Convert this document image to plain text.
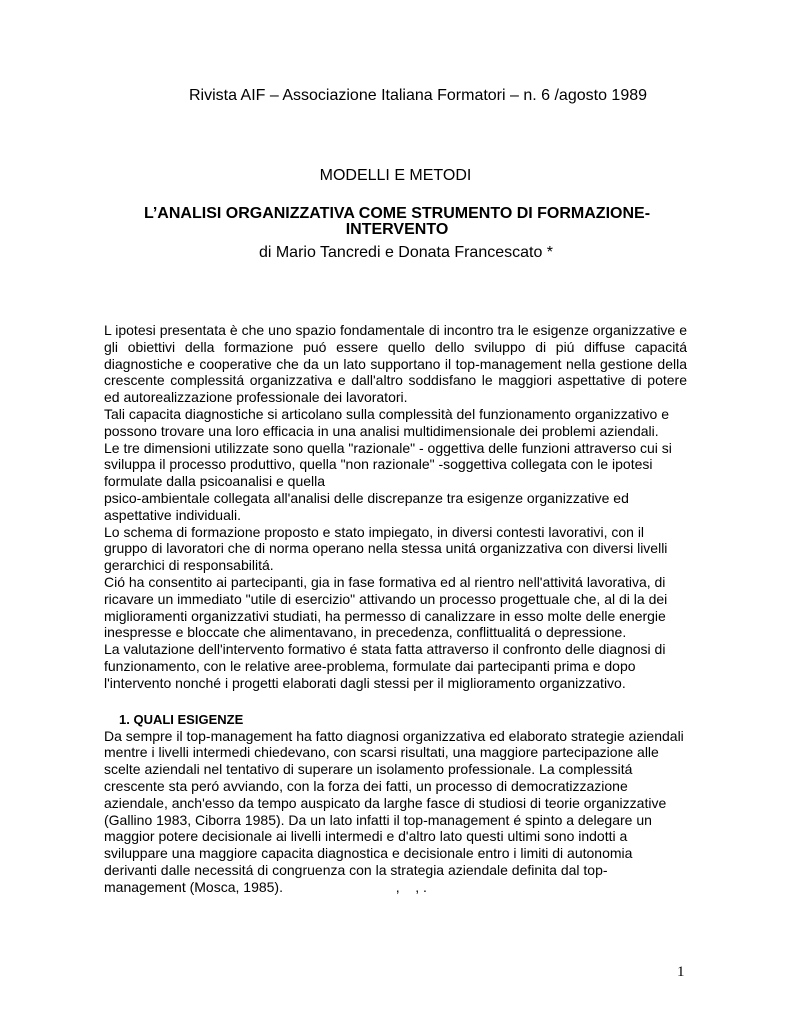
Rivista AIF – Associazione Italiana Formatori – n. 6 /agosto 1989
MODELLI E METODI
L’ANALISI ORGANIZZATIVA COME STRUMENTO DI FORMAZIONE-INTERVENTO
di Mario Tancredi e Donata Francescato *

L ipotesi presentata è che uno spazio fondamentale di incontro tra le esigenze organizzative e gli obiettivi della formazione puó essere quello dello sviluppo di piú diffuse capacitá diagnostiche e cooperative che da un lato supportano il top-management nella gestione della crescente complessitá organizzativa e dall'altro soddisfano le maggiori aspettative di potere ed autorealizzazione professionale dei lavoratori.

Tali capacita diagnostiche si articolano sulla complessità del funzionamento organizzativo e possono trovare una loro efficacia in una analisi multidimensionale dei problemi aziendali.

Le tre dimensioni utilizzate sono quella "razionale" - oggettiva delle funzioni attraverso cui si sviluppa il processo produttivo, quella "non razionale" -soggettiva collegata con le ipotesi formulate dalla psicoanalisi e quella

psico-ambientale collegata all'analisi delle discrepanze tra esigenze organizzative ed aspettative individuali.

Lo schema di formazione proposto e stato impiegato, in diversi contesti lavorativi, con il gruppo di lavoratori che di norma operano nella stessa unitá organizzativa con diversi livelli gerarchici di responsabilitá.

Ció ha consentito ai partecipanti, gia in fase formativa ed al rientro nell'attivitá lavorativa, di ricavare un immediato "utile di esercizio" attivando un processo progettuale che, al di la dei miglioramenti organizzativi studiati, ha permesso di canalizzare in esso molte delle energie inespresse e bloccate che alimentavano, in precedenza, conflittualitá o depressione.

La valutazione dell'intervento formativo é stata fatta attraverso il confronto delle diagnosi di funzionamento, con le relative aree-problema, formulate dai partecipanti prima e dopo l'intervento nonché i progetti elaborati dagli stessi per il miglioramento organizzativo.

1. QUALI ESIGENZE

Da sempre il top-management ha fatto diagnosi organizzativa ed elaborato strategie aziendali mentre i livelli intermedi chiedevano, con scarsi risultati, una maggiore partecipazione alle scelte aziendali nel tentativo di superare un isolamento professionale. La complessitá crescente sta peró avviando, con la forza dei fatti, un processo di democratizzazione aziendale, anch'esso da tempo auspicato da larghe fasce di studiosi di teorie organizzative (Gallino 1983, Ciborra 1985). Da un lato infatti il top-management é spinto a delegare un maggior potere decisionale ai livelli intermedi e d'altro lato questi ultimi sono indotti a sviluppare una maggiore capacita diagnostica e decisionale entro i limiti di autonomia derivanti dalle necessitá di congruenza con la strategia aziendale definita dal top-management (Mosca, 1985).                             ,    , .

1
